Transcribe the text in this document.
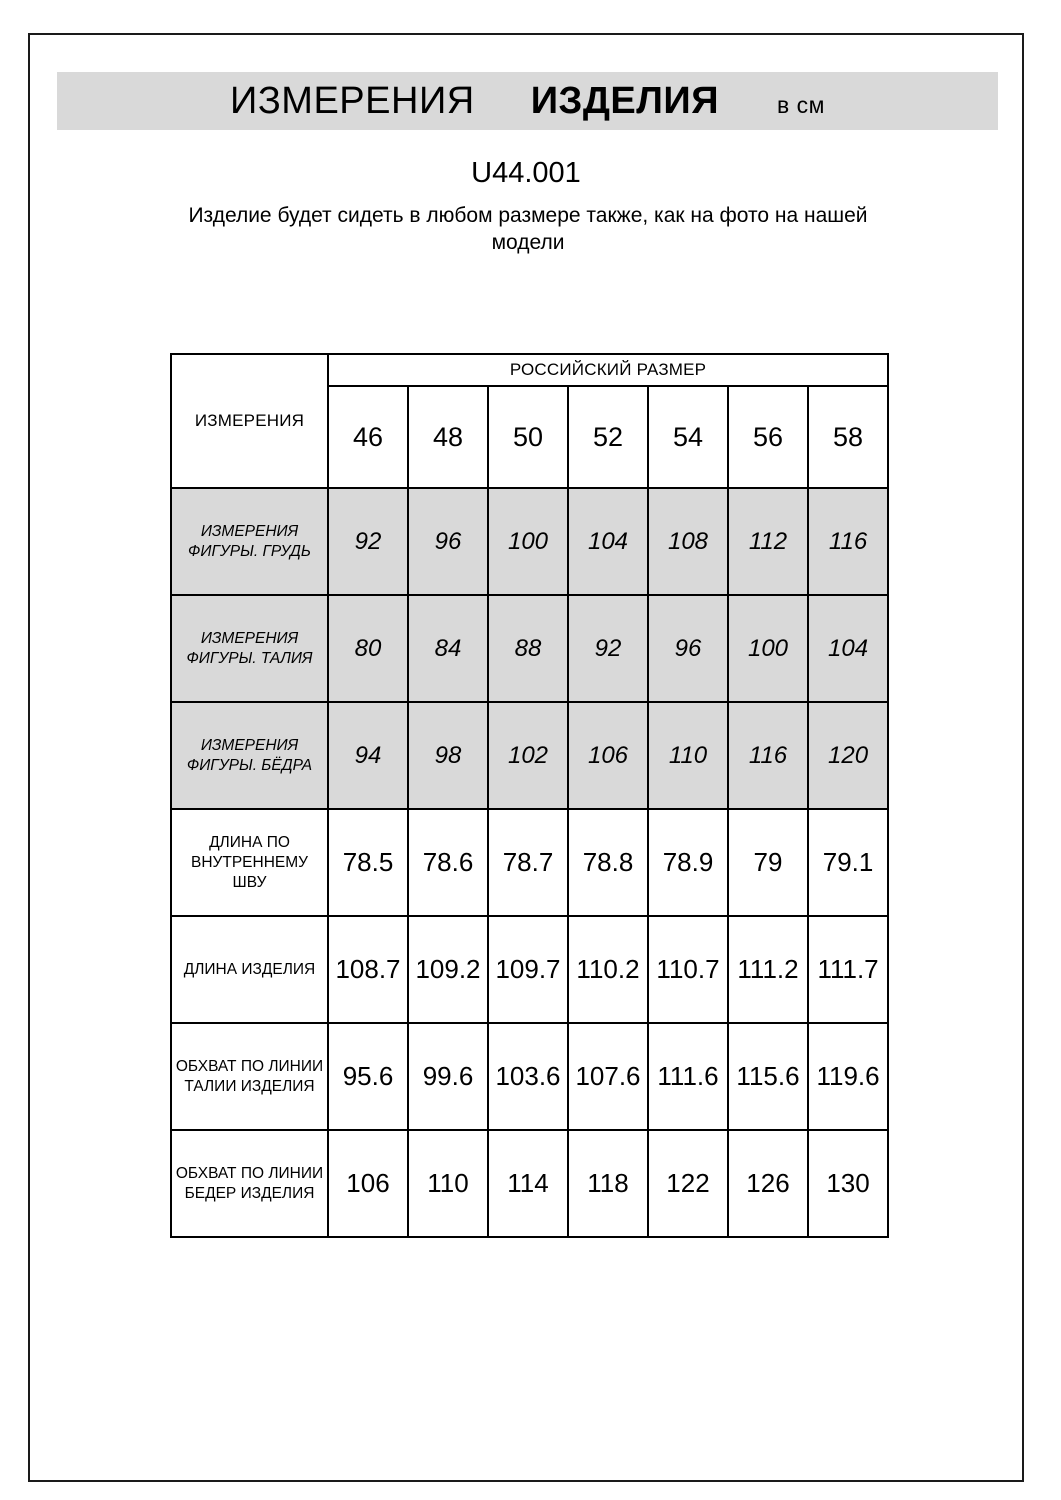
ИЗМЕРЕНИЯ ИЗДЕЛИЯ	в см
U44.001
Изделие будет сидеть в любом размере также, как на фото на нашей модели
ИЗМЕРЕНИЯ	РОССИЙСКИЙ РАЗМЕР						
	46	48	50	52	54	56	58
ИЗМЕРЕНИЯ ФИГУРЫ. ГРУДЬ	92	96	100	104	108	112	116
ИЗМЕРЕНИЯ ФИГУРЫ. ТАЛИЯ	80	84	88	92	96	100	104
ИЗМЕРЕНИЯ ФИГУРЫ. БЁДРА	94	98	102	106	110	116	120
ДЛИНА ПО ВНУТРЕННЕМУ ШВУ	78.5	78.6	78.7	78.8	78.9	79	79.1
ДЛИНА ИЗДЕЛИЯ	108.7	109.2	109.7	110.2	110.7	111.2	111.7
ОБХВАТ ПО ЛИНИИ ТАЛИИ ИЗДЕЛИЯ	95.6	99.6	103.6	107.6	111.6	115.6	119.6
ОБХВАТ ПО ЛИНИИ БЕДЕР ИЗДЕЛИЯ	106	110	114	118	122	126	130
